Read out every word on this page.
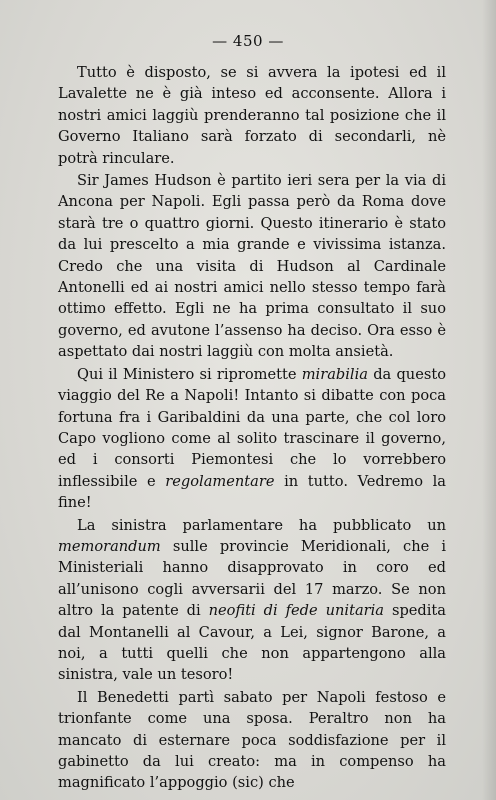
— 450 —

Tutto è disposto, se si avvera la ipotesi ed il Lavalette ne è già inteso ed acconsente. Allora i nostri amici laggiù prenderanno tal posizione che il Governo Italiano sarà forzato di secondarli, nè potrà rinculare.

Sir James Hudson è partito ieri sera per la via di Ancona per Napoli. Egli passa però da Roma dove starà tre o quattro giorni. Questo itinerario è stato da lui prescelto a mia grande e vivissima istanza. Credo che una visita di Hudson al Cardinale Antonelli ed ai nostri amici nello stesso tempo farà ottimo effetto. Egli ne ha prima consultato il suo governo, ed avutone l’assenso ha deciso. Ora esso è aspettato dai nostri laggiù con molta ansietà.

Qui il Ministero si ripromette mirabilia da questo viaggio del Re a Napoli! Intanto si dibatte con poca fortuna fra i Garibaldini da una parte, che col loro Capo vogliono come al solito trascinare il governo, ed i consorti Piemontesi che lo vorrebbero inflessibile e regolamentare in tutto. Vedremo la fine!

La sinistra parlamentare ha pubblicato un memorandum sulle provincie Meridionali, che i Ministeriali hanno disapprovato in coro ed all’unisono cogli avversarii del 17 marzo. Se non altro la patente di neofiti di fede unitaria spedita dal Montanelli al Cavour, a Lei, signor Barone, a noi, a tutti quelli che non appartengono alla sinistra, vale un tesoro!

Il Benedetti partì sabato per Napoli festoso e trionfante come una sposa. Peraltro non ha mancato di esternare poca soddisfazione per il gabinetto da lui creato: ma in compenso ha magnificato l’appoggio (sic) che
